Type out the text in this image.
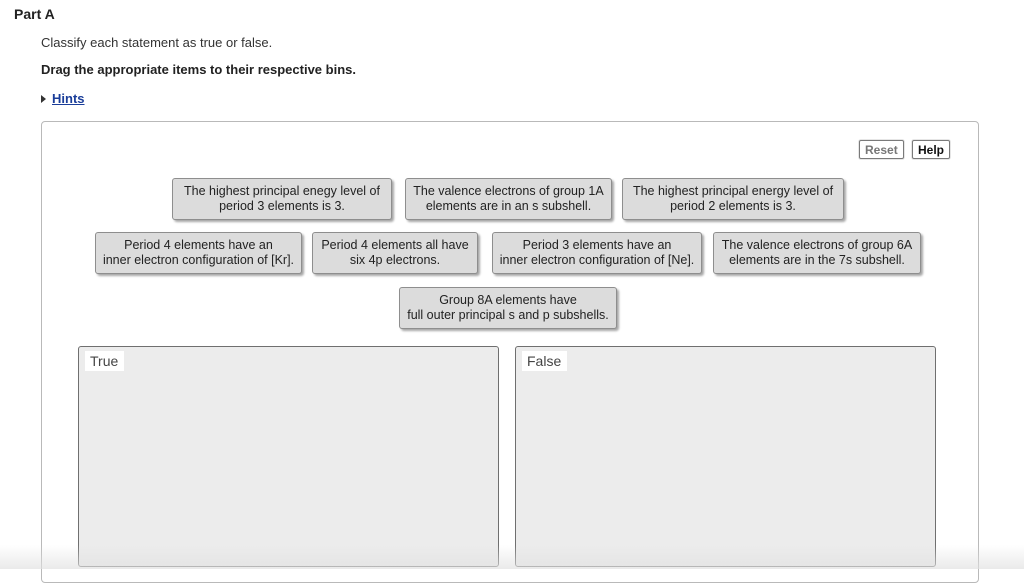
Part A
Classify each statement as true or false.
Drag the appropriate items to their respective bins.
Hints
Reset	Help
The highest principal enegy level of
period 3 elements is 3.
The valence electrons of group 1A
elements are in an s subshell.
The highest principal energy level of
period 2 elements is 3.
Period 4 elements have an
inner electron configuration of [Kr].
Period 4 elements all have
six 4p electrons.
Period 3 elements have an
inner electron configuration of [Ne].
The valence electrons of group 6A
elements are in the 7s subshell.
Group 8A elements have
full outer principal s and p subshells.
True	False
